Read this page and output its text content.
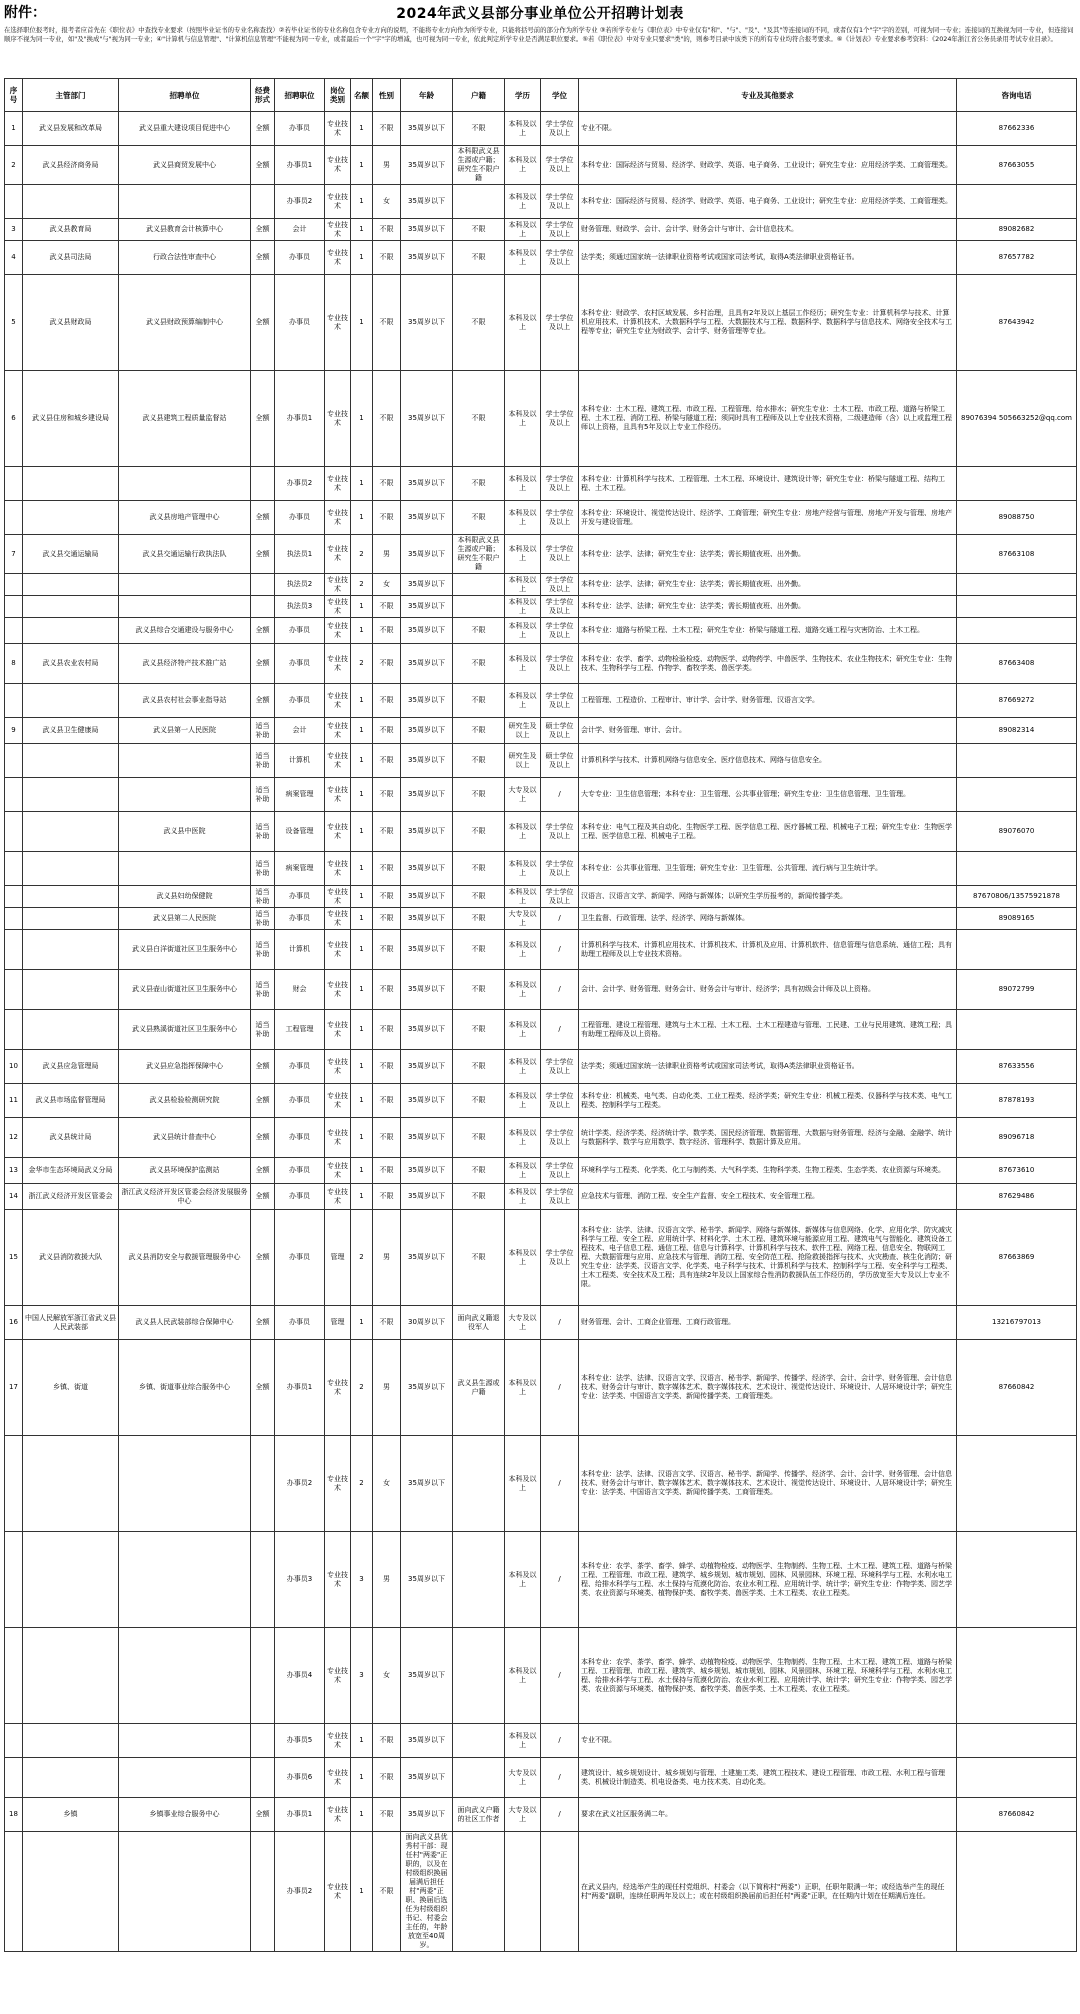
附件：	2024年武义县部分事业单位公开招聘计划表
在选择职位报考时，报考者应首先在《职位表》中查找专业要求（按照毕业证书的专业名称查找）②若毕业证书的专业名称包含专业方向的说明，不能将专业方向作为所学专业，只能将括号前的部分作为所学专业 ③若所学专业与《职位表》中专业仅有"和"、"与"、"及"、"及其"等连接词的不同，或者仅有1个"字"字的差别，可视为同一专业；连接词的互换视为同一专业，但连接词顺序不视为同一专业，如"及"换成"与"视为同一专业；④"计算机与信息管理"、"计算机信息管理"不能视为同一专业，或者最后一个"字"字的增减，也可视为同一专业，依此判定所学专业是否满足职位要求。⑤若《职位表》中对专业只要求"类"的，则参考目录中该类下的所有专业均符合报考要求。⑥《计划表》专业要求参考资料：《2024年浙江省公务员录用考试专业目录》。
序号	主管部门	招聘单位	经费形式	招聘职位	岗位类别	名额	性别	年龄	户籍	学历	学位	专业及其他要求	咨询电话
1	武义县发展和改革局	武义县重大建设项目促进中心	全额	办事员	专业技术	1	不限	35周岁以下	不限	本科及以上	学士学位及以上	专业不限。	87662336
2	武义县经济商务局	武义县商贸发展中心	全额	办事员1	专业技术	1	男	35周岁以下	本科限武义县生源或户籍；研究生不限户籍	本科及以上	学士学位及以上	本科专业：国际经济与贸易、经济学、财政学、英语、电子商务、工业设计；研究生专业：应用经济学类、工商管理类。	87663055
				办事员2	专业技术	1	女	35周岁以下		本科及以上	学士学位及以上	本科专业：国际经济与贸易、经济学、财政学、英语、电子商务、工业设计；研究生专业：应用经济学类、工商管理类。	
3	武义县教育局	武义县教育会计核算中心	全额	会计	专业技术	1	不限	35周岁以下	不限	本科及以上	学士学位及以上	财务管理、财政学、会计、会计学、财务会计与审计、会计信息技术。	89082682
4	武义县司法局	行政合法性审查中心	全额	办事员	专业技术	1	不限	35周岁以下	不限	本科及以上	学士学位及以上	法学类；须通过国家统一法律职业资格考试或国家司法考试，取得A类法律职业资格证书。	87657782
5	武义县财政局	武义县财政预算编制中心	全额	办事员	专业技术	1	不限	35周岁以下	不限	本科及以上	学士学位及以上	本科专业：财政学、农村区域发展、乡村治理，且具有2年及以上基层工作经历；研究生专业：计算机科学与技术、计算机应用技术、计算机技术、大数据科学与工程、大数据技术与工程、数据科学、数据科学与信息技术、网络安全技术与工程等专业；研究生专业为财政学、会计学、财务管理等专业。	87643942
6	武义县住房和城乡建设局	武义县建筑工程质量监督站	全额	办事员1	专业技术	1	不限	35周岁以下	不限	本科及以上	学士学位及以上	本科专业：土木工程、建筑工程、市政工程、工程管理、给水排水；研究生专业：土木工程、市政工程、道路与桥梁工程、土木工程、消防工程、桥梁与隧道工程；须同时具有工程师及以上专业技术资格，二级建造师（含）以上或监理工程师以上资格，且具有5年及以上专业工作经历。	89076394 505663252@qq.com
				办事员2	专业技术	1	不限	35周岁以下	不限	本科及以上	学士学位及以上	本科专业：计算机科学与技术、工程管理、土木工程、环境设计、建筑设计等；研究生专业：桥梁与隧道工程、结构工程、土木工程。	
		武义县房地产管理中心	全额	办事员	专业技术	1	不限	35周岁以下	不限	本科及以上	学士学位及以上	本科专业：环境设计、视觉传达设计、经济学、工商管理；研究生专业：房地产经营与管理、房地产开发与管理、房地产开发与建设管理。	89088750
7	武义县交通运输局	武义县交通运输行政执法队	全额	执法员1	专业技术	2	男	35周岁以下	本科限武义县生源或户籍；研究生不限户籍	本科及以上	学士学位及以上	本科专业：法学、法律；研究生专业：法学类；需长期值夜班、出外勤。	87663108
				执法员2	专业技术	2	女	35周岁以下		本科及以上	学士学位及以上	本科专业：法学、法律；研究生专业：法学类；需长期值夜班、出外勤。	
				执法员3	专业技术	1	不限	35周岁以下		本科及以上	学士学位及以上	本科专业：法学、法律；研究生专业：法学类；需长期值夜班、出外勤。	
		武义县综合交通建设与服务中心	全额	办事员	专业技术	1	不限	35周岁以下	不限	本科及以上	学士学位及以上	本科专业：道路与桥梁工程、土木工程；研究生专业：桥梁与隧道工程、道路交通工程与灾害防治、土木工程。	
8	武义县农业农村局	武义县经济特产技术推广站	全额	办事员	专业技术	2	不限	35周岁以下	不限	本科及以上	学士学位及以上	本科专业：农学、畜学、动物检验检疫、动物医学、动物药学、中兽医学、生物技术、农业生物技术；研究生专业：生物技术、生物科学与工程、作物学、畜牧学类、兽医学类。	87663408
		武义县农村社会事业指导站	全额	办事员	专业技术	1	不限	35周岁以下	不限	本科及以上	学士学位及以上	工程管理、工程造价、工程审计、审计学、会计学、财务管理、汉语言文学。	87669272
9	武义县卫生健康局	武义县第一人民医院	适当补助	会计	专业技术	1	不限	35周岁以下	不限	研究生及以上	硕士学位及以上	会计学、财务管理、审计、会计。	89082314
			适当补助	计算机	专业技术	1	不限	35周岁以下	不限	研究生及以上	硕士学位及以上	计算机科学与技术、计算机网络与信息安全、医疗信息技术、网络与信息安全。	
			适当补助	病案管理	专业技术	1	不限	35周岁以下	不限	大专及以上	/	大专专业：卫生信息管理；本科专业：卫生管理、公共事业管理；研究生专业：卫生信息管理、卫生管理。	
		武义县中医院	适当补助	设备管理	专业技术	1	不限	35周岁以下	不限	本科及以上	学士学位及以上	本科专业：电气工程及其自动化、生物医学工程、医学信息工程、医疗器械工程、机械电子工程；研究生专业：生物医学工程、医学信息工程、机械电子工程。	89076070
			适当补助	病案管理	专业技术	1	不限	35周岁以下	不限	本科及以上	学士学位及以上	本科专业：公共事业管理、卫生管理；研究生专业：卫生管理、公共管理、流行病与卫生统计学。	
		武义县妇幼保健院	适当补助	办事员	专业技术	1	不限	35周岁以下	不限	本科及以上	学士学位及以上	汉语言、汉语言文学、新闻学、网络与新媒体；以研究生学历报考的，新闻传播学类。	87670806/13575921878
		武义县第二人民医院	适当补助	办事员	专业技术	1	不限	35周岁以下	不限	大专及以上	/	卫生监督、行政管理、法学、经济学、网络与新媒体。	89089165
		武义县白洋街道社区卫生服务中心	适当补助	计算机	专业技术	1	不限	35周岁以下	不限	本科及以上	/	计算机科学与技术、计算机应用技术、计算机技术、计算机及应用、计算机软件、信息管理与信息系统、通信工程；具有助理工程师及以上专业技术资格。	
		武义县壶山街道社区卫生服务中心	适当补助	财会	专业技术	1	不限	35周岁以下	不限	本科及以上	/	会计、会计学、财务管理、财务会计、财务会计与审计、经济学；具有初级会计师及以上资格。	89072799
		武义县熟溪街道社区卫生服务中心	适当补助	工程管理	专业技术	1	不限	35周岁以下	不限	本科及以上	/	工程管理、建设工程管理、建筑与土木工程、土木工程、土木工程建造与管理、工民建、工业与民用建筑、建筑工程；具有助理工程师及以上资格。	
10	武义县应急管理局	武义县应急指挥保障中心	全额	办事员	专业技术	1	不限	35周岁以下	不限	本科及以上	学士学位及以上	法学类；须通过国家统一法律职业资格考试或国家司法考试，取得A类法律职业资格证书。	87633556
11	武义县市场监督管理局	武义县检验检测研究院	全额	办事员	专业技术	1	不限	35周岁以下	不限	本科及以上	学士学位及以上	本科专业：机械类、电气类、自动化类、工业工程类、经济学类；研究生专业：机械工程类、仪器科学与技术类、电气工程类、控制科学与工程类。	87878193
12	武义县统计局	武义县统计普查中心	全额	办事员	专业技术	1	不限	35周岁以下	不限	本科及以上	学士学位及以上	统计学类、经济学类、经济统计学、数学类、国民经济管理、数据管理、大数据与财务管理、经济与金融、金融学、统计与数据科学、数学与应用数学、数字经济、管理科学、数据计算及应用。	89096718
13	金华市生态环境局武义分局	武义县环境保护监测站	全额	办事员	专业技术	1	不限	35周岁以下	不限	本科及以上	学士学位及以上	环境科学与工程类、化学类、化工与制药类、大气科学类、生物科学类、生物工程类、生态学类、农业资源与环境类。	87673610
14	浙江武义经济开发区管委会	浙江武义经济开发区管委会经济发展服务中心	全额	办事员	专业技术	1	不限	35周岁以下	不限	本科及以上	学士学位及以上	应急技术与管理、消防工程、安全生产监督、安全工程技术、安全管理工程。	87629486
15	武义县消防救援大队	武义县消防安全与救援管理服务中心	全额	办事员	管理	2	男	35周岁以下	不限	本科及以上	学士学位及以上	本科专业：法学、法律、汉语言文学、秘书学、新闻学、网络与新媒体、新媒体与信息网络、化学、应用化学、防灾减灾科学与工程、安全工程、应用统计学、材料化学、土木工程、建筑环境与能源应用工程、建筑电气与智能化、建筑设备工程技术、电子信息工程、通信工程、信息与计算科学、计算机科学与技术、软件工程、网络工程、信息安全、物联网工程、大数据管理与应用、应急技术与管理、消防工程、安全防范工程、抢险救援指挥与技术、火灾勘查、核生化消防；研究生专业：法学类、汉语言文学、化学类、电子科学与技术、计算机科学与技术、控制科学与工程、安全科学与工程类、土木工程类、安全技术及工程；具有连续2年及以上国家综合性消防救援队伍工作经历的，学历放宽至大专及以上专业不限。	87663869
16	中国人民解放军浙江省武义县人民武装部	武义县人民武装部综合保障中心	全额	办事员	管理	1	不限	30周岁以下	面向武义籍退役军人	大专及以上	/	财务管理、会计、工商企业管理、工商行政管理。	13216797013
17	乡镇、街道	乡镇、街道事业综合服务中心	全额	办事员1	专业技术	2	男	35周岁以下	武义县生源或户籍	本科及以上	/	本科专业：法学、法律、汉语言文学、汉语言、秘书学、新闻学、传播学、经济学、会计、会计学、财务管理、会计信息技术、财务会计与审计、数字媒体艺术、数字媒体技术、艺术设计、视觉传达设计、环境设计、人居环境设计学；研究生专业：法学类、中国语言文学类、新闻传播学类、工商管理类。	87660842
				办事员2	专业技术	2	女	35周岁以下		本科及以上	/	本科专业：法学、法律、汉语言文学、汉语言、秘书学、新闻学、传播学、经济学、会计、会计学、财务管理、会计信息技术、财务会计与审计、数字媒体艺术、数字媒体技术、艺术设计、视觉传达设计、环境设计、人居环境设计学；研究生专业：法学类、中国语言文学类、新闻传播学类、工商管理类。	
				办事员3	专业技术	3	男	35周岁以下		本科及以上	/	本科专业：农学、茶学、畜学、蜂学、动植物检疫、动物医学、生物制药、生物工程、土木工程、建筑工程、道路与桥梁工程、工程管理、市政工程、建筑学、城乡规划、城市规划、园林、风景园林、环境工程、环境科学与工程、水利水电工程、给排水科学与工程、水土保持与荒漠化防治、农业水利工程、应用统计学、统计学；研究生专业：作物学类、园艺学类、农业资源与环境类、植物保护类、畜牧学类、兽医学类、土木工程类、农业工程类。	
				办事员4	专业技术	3	女	35周岁以下		本科及以上	/	本科专业：农学、茶学、畜学、蜂学、动植物检疫、动物医学、生物制药、生物工程、土木工程、建筑工程、道路与桥梁工程、工程管理、市政工程、建筑学、城乡规划、城市规划、园林、风景园林、环境工程、环境科学与工程、水利水电工程、给排水科学与工程、水土保持与荒漠化防治、农业水利工程、应用统计学、统计学；研究生专业：作物学类、园艺学类、农业资源与环境类、植物保护类、畜牧学类、兽医学类、土木工程类、农业工程类。	
				办事员5	专业技术	1	不限	35周岁以下		本科及以上	/	专业不限。	
				办事员6	专业技术	1	不限	35周岁以下		大专及以上	/	建筑设计、城乡规划设计、城乡规划与管理、土建施工类、建筑工程技术、建设工程管理、市政工程、水利工程与管理类、机械设计制造类、机电设备类、电力技术类、自动化类。	
18	乡镇	乡镇事业综合服务中心	全额	办事员1	专业技术	1	不限	35周岁以下	面向武义户籍的社区工作者	大专及以上	/	要求在武义社区服务满二年。	87660842
				办事员2	专业技术	1	不限	面向武义县优秀村干部：现任村"两委"正职的，以及在村级组织换届届满后担任村"两委"正职、换届后选任为村级组织书记、村委会主任的，年龄放宽至40周岁。				在武义县内，经选举产生的现任村党组织、村委会（以下简称村"两委"）正职，任职年限满一年；或经选举产生的现任村"两委"副职，连续任职两年及以上；或在村级组织换届前后担任村"两委"正职，在任期内计划在任期满后连任。	
